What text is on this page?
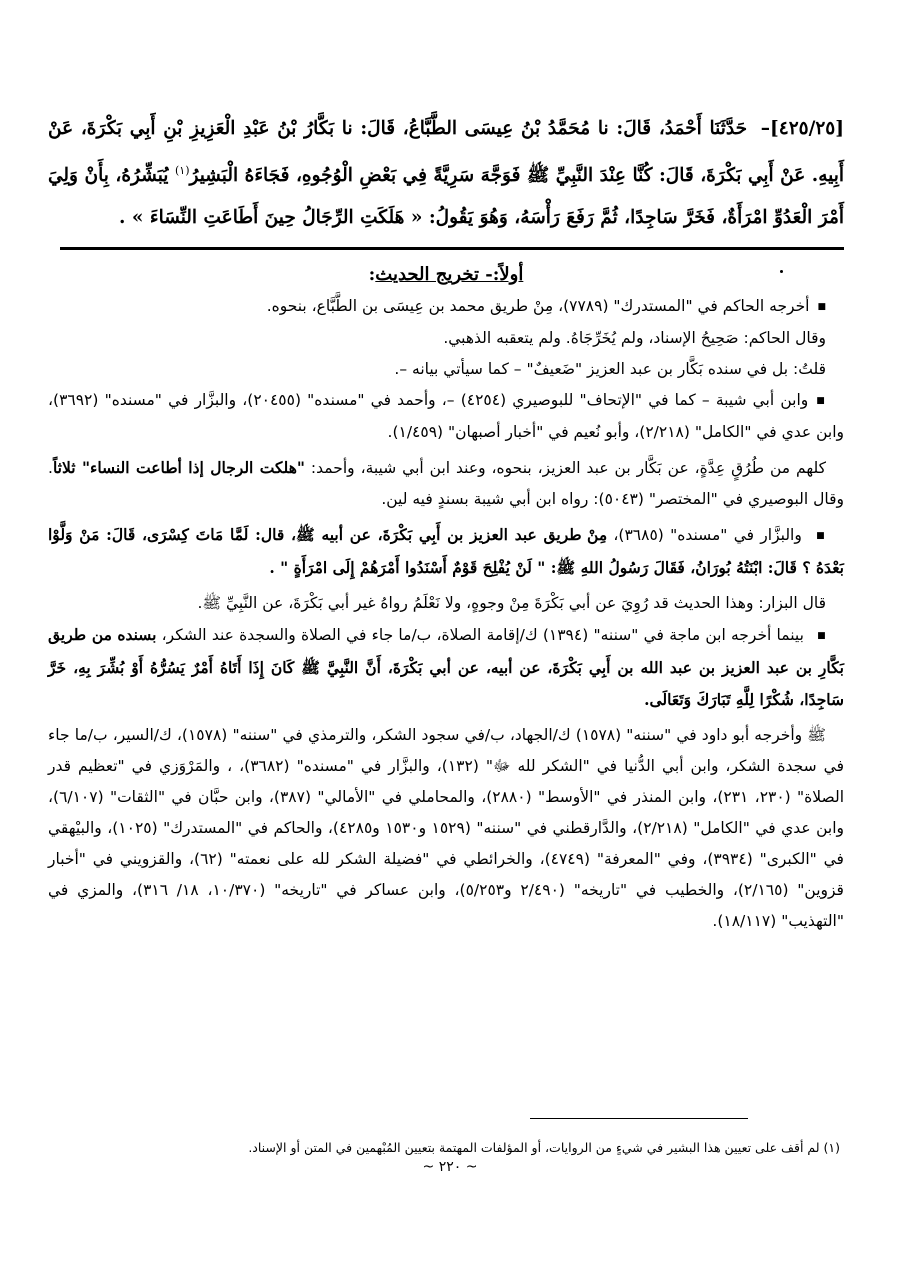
[٤٢٥/٢٥]– حَدَّثَنَا أَحْمَدُ، قَالَ: نا مُحَمَّدُ بْنُ عِيسَى الطَّبَّاعُ، قَالَ: نا بَكَّارُ بْنُ عَبْدِ الْعَزِيزِ بْنِ أَبِي بَكْرَةَ، عَنْ أَبِيهِ. عَنْ أَبِي بَكْرَةَ، قَالَ: كُنَّا عِنْدَ النَّبِيِّ ﷺ فَوَجَّهَ سَرِيَّةً فِي بَعْضِ الْوُجُوهِ، فَجَاءَهُ الْبَشِيرُ$^{(١)}$ يُبَشِّرُهُ، بِأَنْ وَلِيَ أَمْرَ الْعَدُوِّ امْرَأَةٌ، فَخَرَّ سَاجِدًا، ثُمَّ رَفَعَ رَأْسَهُ، وَهُوَ يَقُولُ: « هَلَكَتِ الرِّجَالُ حِينَ أَطَاعَتِ النِّسَاءَ » .

أولاً:- تخريج الحديث:

■ أخرجه الحاكم في "المستدرك" (٧٧٨٩)، مِنْ طريق محمد بن عِيسَى بن الطَّبَّاع، بنحوه.

وقال الحاكم: صَحِيحُ الإسناد، ولم يُخَرِّجَاهُ. ولم يتعقبه الذهبي.

قلتُ: بل في سنده بَكَّار بن عبد العزيز "ضَعيفٌ" – كما سيأتي بيانه –.

■ وابن أبي شيبة – كما في "الإتحاف" للبوصيري (٤٢٥٤) –، وأحمد في "مسنده" (٢٠٤٥٥)، والبزَّار في "مسنده" (٣٦٩٢)، وابن عدي في "الكامل" (٢/٢١٨)، وأبو نُعيم في "أخبار أصبهان" (١/٤٥٩).

كلهم من طُرُقٍ عِدَّةٍ، عن بَكَّار بن عبد العزيز، بنحوه، وعند ابن أبي شيبة، وأحمد: "هلكت الرجال إذا أطاعت النساء" ثلاثاً. وقال البوصيري في "المختصر" (٥٠٤٣): رواه ابن أبي شيبة بسندٍ فيه لين.

■ والبزَّار في "مسنده" (٣٦٨٥)، مِنْ طريق عبد العزيز بن أَبِي بَكْرَةَ، عن أبيه ﷺ، قال: لَمَّا مَاتَ كِسْرَى، قَالَ: مَنْ وَلَّوْا بَعْدَهُ ؟ قَالَ: ابْنَتُهُ بُورَانُ، فَقَالَ رَسُولُ اللهِ ﷺ: " لَنْ يُفْلِحَ قَوْمٌ أَسْنَدُوا أَمْرَهُمْ إِلَى امْرَأَةٍ " .

قال البزار: وهذا الحديث قد رُوِيَ عن أبي بَكْرَةَ مِنْ وجوهٍ، ولا نَعْلَمُ رواهُ غير أبي بَكْرَةَ، عن النَّبِيِّ ﷺ.

■ بينما أخرجه ابن ماجة في "سننه" (١٣٩٤) ك/إقامة الصلاة، ب/ما جاء في الصلاة والسجدة عند الشكر، بسنده من طريق بَكَّارِ بن عبد العزيز بن عبد الله بن أَبِي بَكْرَةَ، عن أبيه، عن أبي بَكْرَةَ، أَنَّ النَّبِيَّ ﷺ كَانَ إِذَا أَتَاهُ أَمْرٌ يَسُرُّهُ أَوْ بُشِّرَ بِهِ، خَرَّ سَاجِدًا، شُكْرًا لِلَّهِ تَبَارَكَ وَتَعَالَى.

ﷺ وأخرجه أبو داود في "سننه" (١٥٧٨) ك/الجهاد، ب/في سجود الشكر، والترمذي في "سننه" (١٥٧٨)، ك/السير، ب/ما جاء في سجدة الشكر، وابن أبي الدُّنيا في "الشكر لله ﷻ" (١٣٢)، والبزَّار في "مسنده" (٣٦٨٢)، ، والمَرْوَزي في "تعظيم قدر الصلاة" (٢٣٠، ٢٣١)، وابن المنذر في "الأوسط" (٢٨٨٠)، والمحاملي في "الأمالي" (٣٨٧)، وابن حبَّان في "الثقات" (٦/١٠٧)، وابن عدي في "الكامل" (٢/٢١٨)، والدَّارقطني في "سننه" (١٥٢٩ و١٥٣٠ و٤٢٨٥)، والحاكم في "المستدرك" (١٠٢٥)، والبيْهقي في "الكبرى" (٣٩٣٤)، وفي "المعرفة" (٤٧٤٩)، والخرائطي في "فضيلة الشكر لله على نعمته" (٦٢)، والقزويني في "أخبار قزوين" (٢/١٦٥)، والخطيب في "تاريخه" (٢/٤٩٠ و٥/٢٥٣)، وابن عساكر في "تاريخه" (١٠/٣٧٠، ١٨/ ٣١٦)، والمزي في "التهذيب" (١٨/١١٧).

(١) لم أقف على تعيين هذا البشير في شيءٍ من الروايات، أو المؤلفات المهتمة بتعيين المُبْهمين في المتن أو الإسناد.
~ ٢٢٠ ~
